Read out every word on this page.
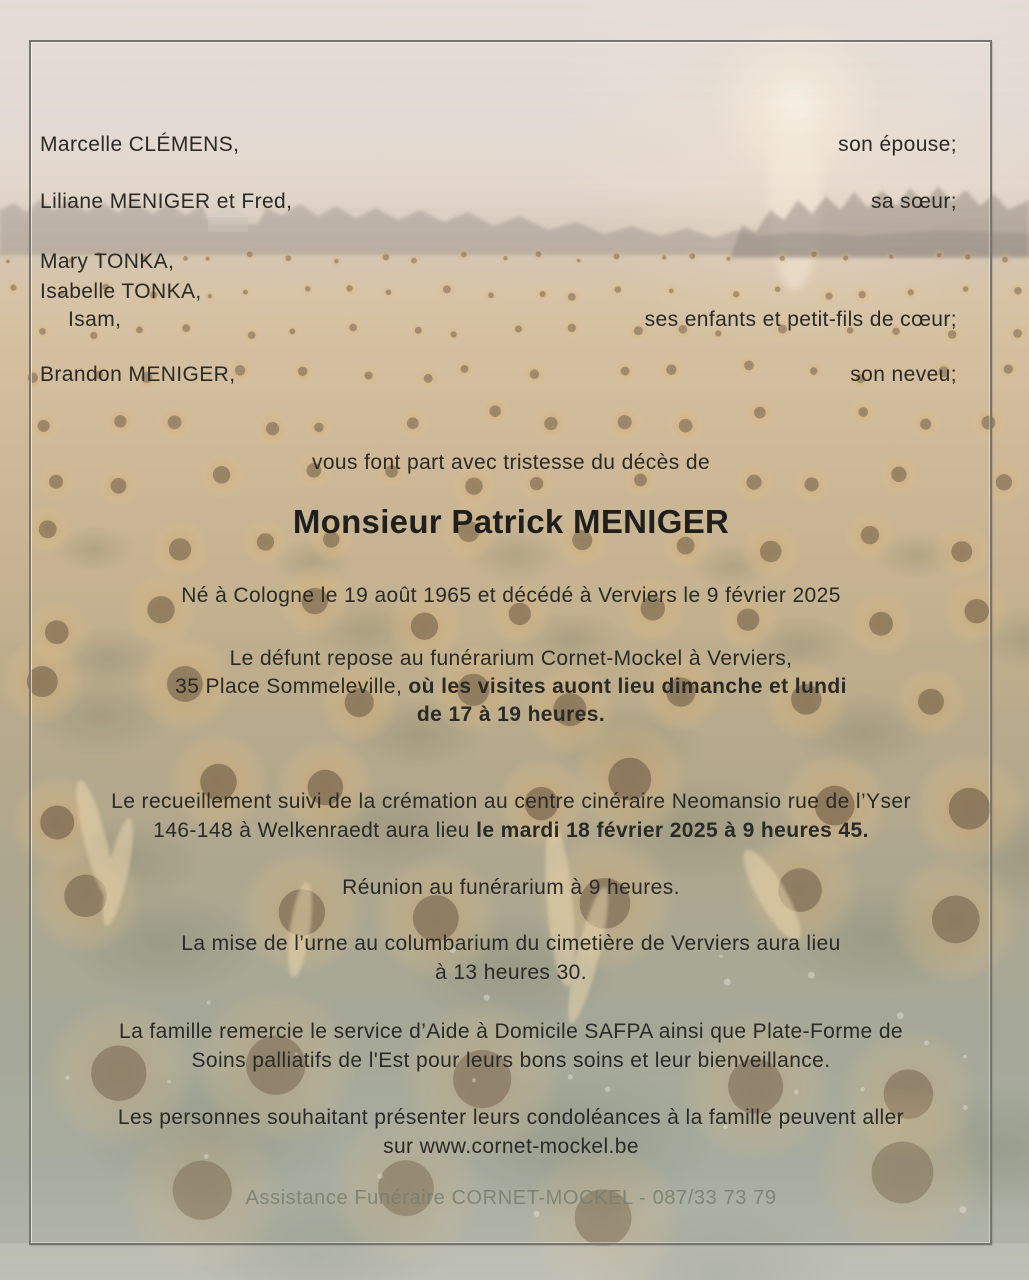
Marcelle CLÉMENS,	son épouse;
Liliane MENIGER et Fred,	sa sœur;
Mary TONKA,
Isabelle TONKA,
Isam,	ses enfants et petit-fils de cœur;
Brandon MENIGER,	son neveu;
vous font part avec tristesse du décès de
Monsieur Patrick MENIGER
Né à Cologne le 19 août 1965 et décédé à Verviers le 9 février 2025
Le défunt repose au funérarium Cornet-Mockel à Verviers,
35 Place Sommeleville, où les visites auont lieu dimanche et lundi
de 17 à 19 heures.
Le recueillement suivi de la crémation au centre cinéraire Neomansio rue de l’Yser
146-148 à Welkenraedt aura lieu le mardi 18 février 2025 à 9 heures 45.
Réunion au funérarium à 9 heures.
La mise de l’urne au columbarium du cimetière de Verviers aura lieu
à 13 heures 30.
La famille remercie le service d’Aide à Domicile SAFPA ainsi que Plate-Forme de
Soins palliatifs de l'Est pour leurs bons soins et leur bienveillance.
Les personnes souhaitant présenter leurs condoléances à la famille peuvent aller
sur www.cornet-mockel.be
Assistance Funéraire CORNET-MOCKEL - 087/33 73 79
